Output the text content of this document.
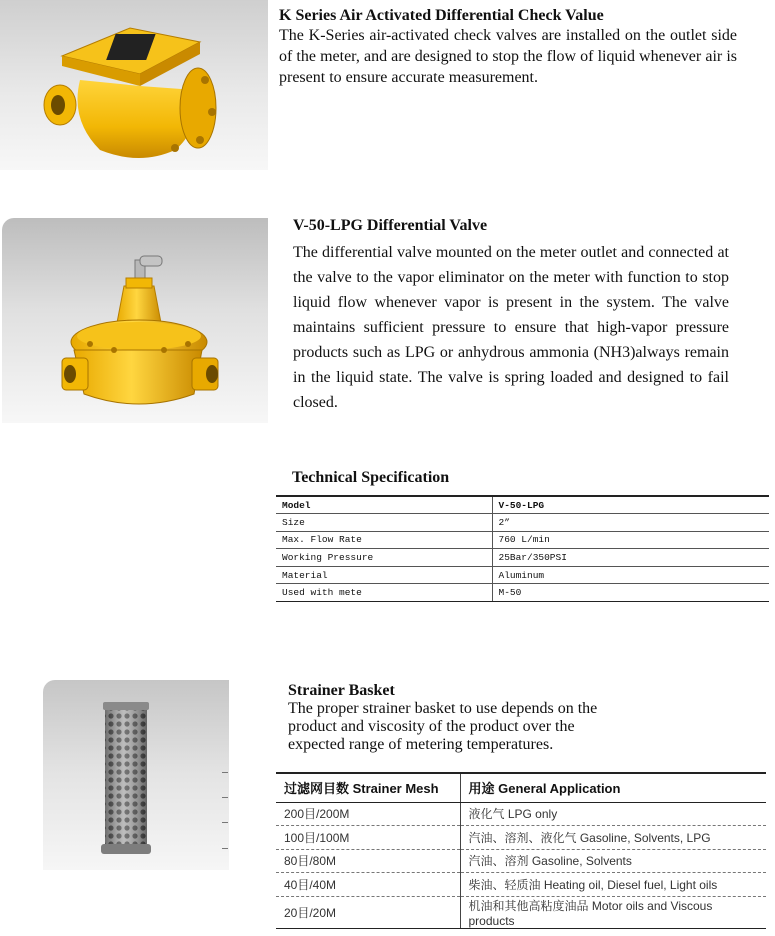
K Series Air Activated Differential Check Value
The K-Series air-activated check valves are installed on the outlet side of the meter, and are designed to stop the flow of liquid whenever air is present to ensure accurate measurement.
V-50-LPG Differential Valve
The differential valve mounted on the meter outlet and connected at the valve to the vapor eliminator on the meter with function to stop liquid flow whenever vapor is present in the system. The valve maintains sufficient pressure to ensure that high-vapor pressure products such as LPG or anhydrous ammonia (NH3)always remain in the liquid state. The valve is spring loaded and designed to fail closed.
Technical Specification
Model	V-50-LPG
Size	2”
Max. Flow Rate	760 L/min
Working Pressure	25Bar/350PSI
Material	Aluminum
Used with mete	M-50
Strainer Basket
The proper strainer basket to use depends on the product and viscosity of the product over the expected range of metering temperatures.
过滤网目数 Strainer Mesh	用途 General Application
200目/200M	液化气 LPG only
100目/100M	汽油、溶剂、液化气 Gasoline, Solvents, LPG
80目/80M	汽油、溶剂 Gasoline, Solvents
40目/40M	柴油、轻质油 Heating oil, Diesel fuel, Light oils
20目/20M	机油和其他高粘度油品 Motor oils and Viscous products
